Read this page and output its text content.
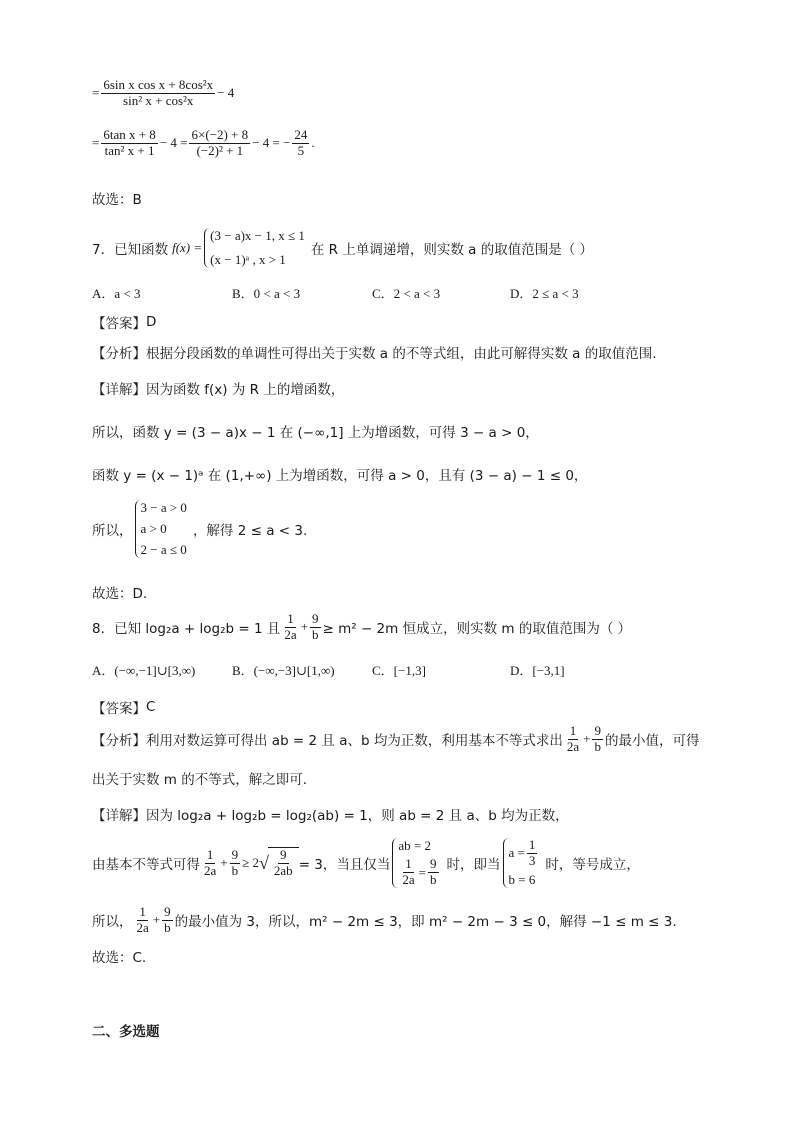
= $\frac{\text{6sin x cos x + 8cos²x}}{\text{sin² x + cos²x}} - 4$
= $\frac{\text{6tan x + 8}}{\text{tan² x + 1}} - 4 = \frac{6\times(-2) + 8}{\text{(−2)² + 1}} - 4$ = − $\frac{24}{5}$ .
故选：B
7．已知函数 f(x) =
(3 − a)x − 1, x ≤ 1
(x − 1)ᵃ , x > 1
在 R 上单调递增，则实数 a 的取值范围是（ ）
A．a < 3	B．0 < a < 3	C．2 < a < 3	D．2 ≤ a < 3
【答案】 D
【分析】 根据分段函数的单调性可得出关于实数 a 的不等式组，由此可解得实数 a 的取值范围.
【详解】 因为函数 f(x) 为 R 上的增函数，
所以，函数 y = (3 − a)x − 1 在 (−∞,1] 上为增函数，可得 3 − a > 0，
函数 y = (x − 1)ᵃ 在 (1,+∞) 上为增函数，可得 a > 0，且有 (3 − a) − 1 ≤ 0，
所以，
3 − a > 0
a > 0
2 − a ≤ 0
，解得 2 ≤ a < 3.
故选：D.
8．已知 log₂a + log₂b = 1 且 $\frac{1}{2a} + \frac{9}{b} \ge m^2 - 2m$ 恒成立，则实数 m 的取值范围为（ ）
A．(−∞,−1]∪[3,∞)	B．(−∞,−3]∪[1,∞)	C．[−1,3]	D．[−3,1]
【答案】 C
【分析】 利用对数运算可得出 ab = 2 且 a、b 均为正数，利用基本不等式求出 $\frac{1}{2a} + \frac{9}{b}$ 的最小值，可得
出关于实数 m 的不等式，解之即可.
【详解】 因为 log₂a + log₂b = log₂(ab) = 1，则 ab = 2 且 a、b 均为正数，
由基本不等式可得 $\frac{1}{2a} + \frac{9}{b} \ge 2$ √ $\frac{9}{2ab} = 3$，当且仅当
ab = 2
$\frac{1}{2a} = \frac{9}{b}$ 时，即当
$a = \frac{1}{3}$
b = 6
时，等号成立，
所以， $\frac{1}{2a} + \frac{9}{b}$ 的最小值为 3，所以，m² − 2m ≤ 3，即 m² − 2m − 3 ≤ 0，解得 −1 ≤ m ≤ 3.
故选：C.
二、多选题
